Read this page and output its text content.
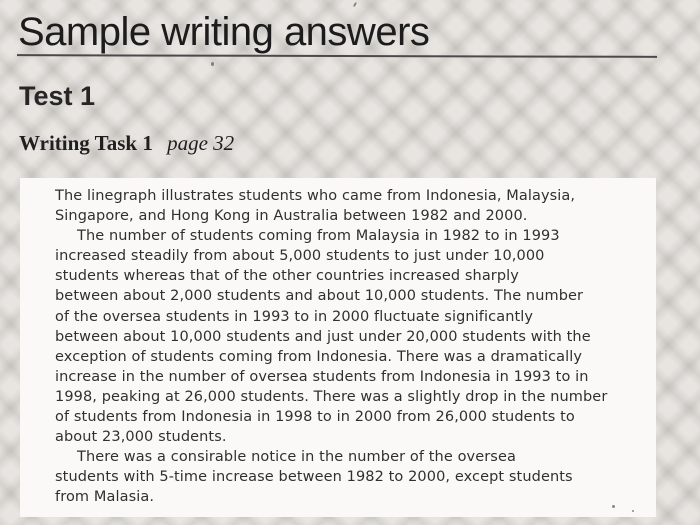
Sample writing answers
Test 1
Writing Task 1 page 32
The linegraph illustrates students who came from Indonesia, Malaysia,
Singapore, and Hong Kong in Australia between 1982 and 2000.
The number of students coming from Malaysia in 1982 to in 1993
increased steadily from about 5,000 students to just under 10,000
students whereas that of the other countries increased sharply
between about 2,000 students and about 10,000 students. The number
of the oversea students in 1993 to in 2000 fluctuate significantly
between about 10,000 students and just under 20,000 students with the
exception of students coming from Indonesia. There was a dramatically
increase in the number of oversea students from Indonesia in 1993 to in
1998, peaking at 26,000 students. There was a slightly drop in the number
of students from Indonesia in 1998 to in 2000 from 26,000 students to
about 23,000 students.
There was a consirable notice in the number of the oversea
students with 5-time increase between 1982 to 2000, except students
from Malasia.
